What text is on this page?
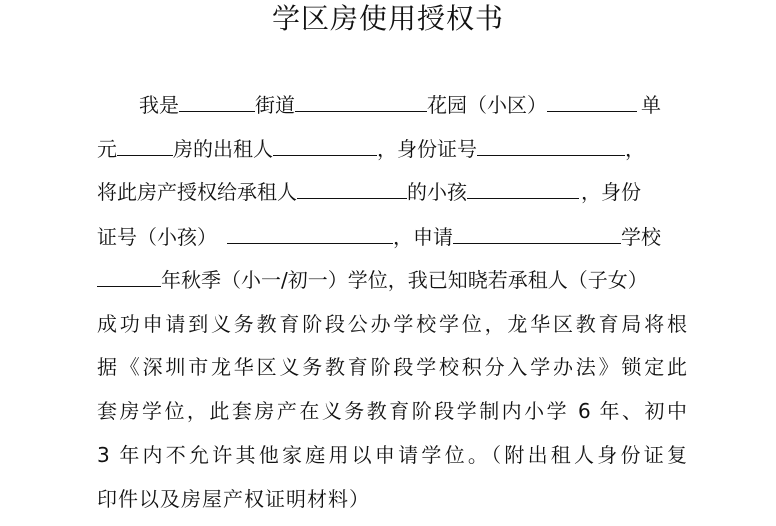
学区房使用授权书
我是	街道	花园（小区）	单
元	房的出租人	，身份证号	，
将此房产授权给承租人	的小孩	，身份
证号（小孩）	，申请	学校
年秋季（小一/初一）学位，我已知晓若承租人（子女）
成功申请到义务教育阶段公办学校学位，龙华区教育局将根
据《深圳市龙华区义务教育阶段学校积分入学办法》锁定此
套房学位，此套房产在义务教育阶段学制内小学 6 年、初中
3 年内不允许其他家庭用以申请学位。（附出租人身份证复
印件以及房屋产权证明材料）
